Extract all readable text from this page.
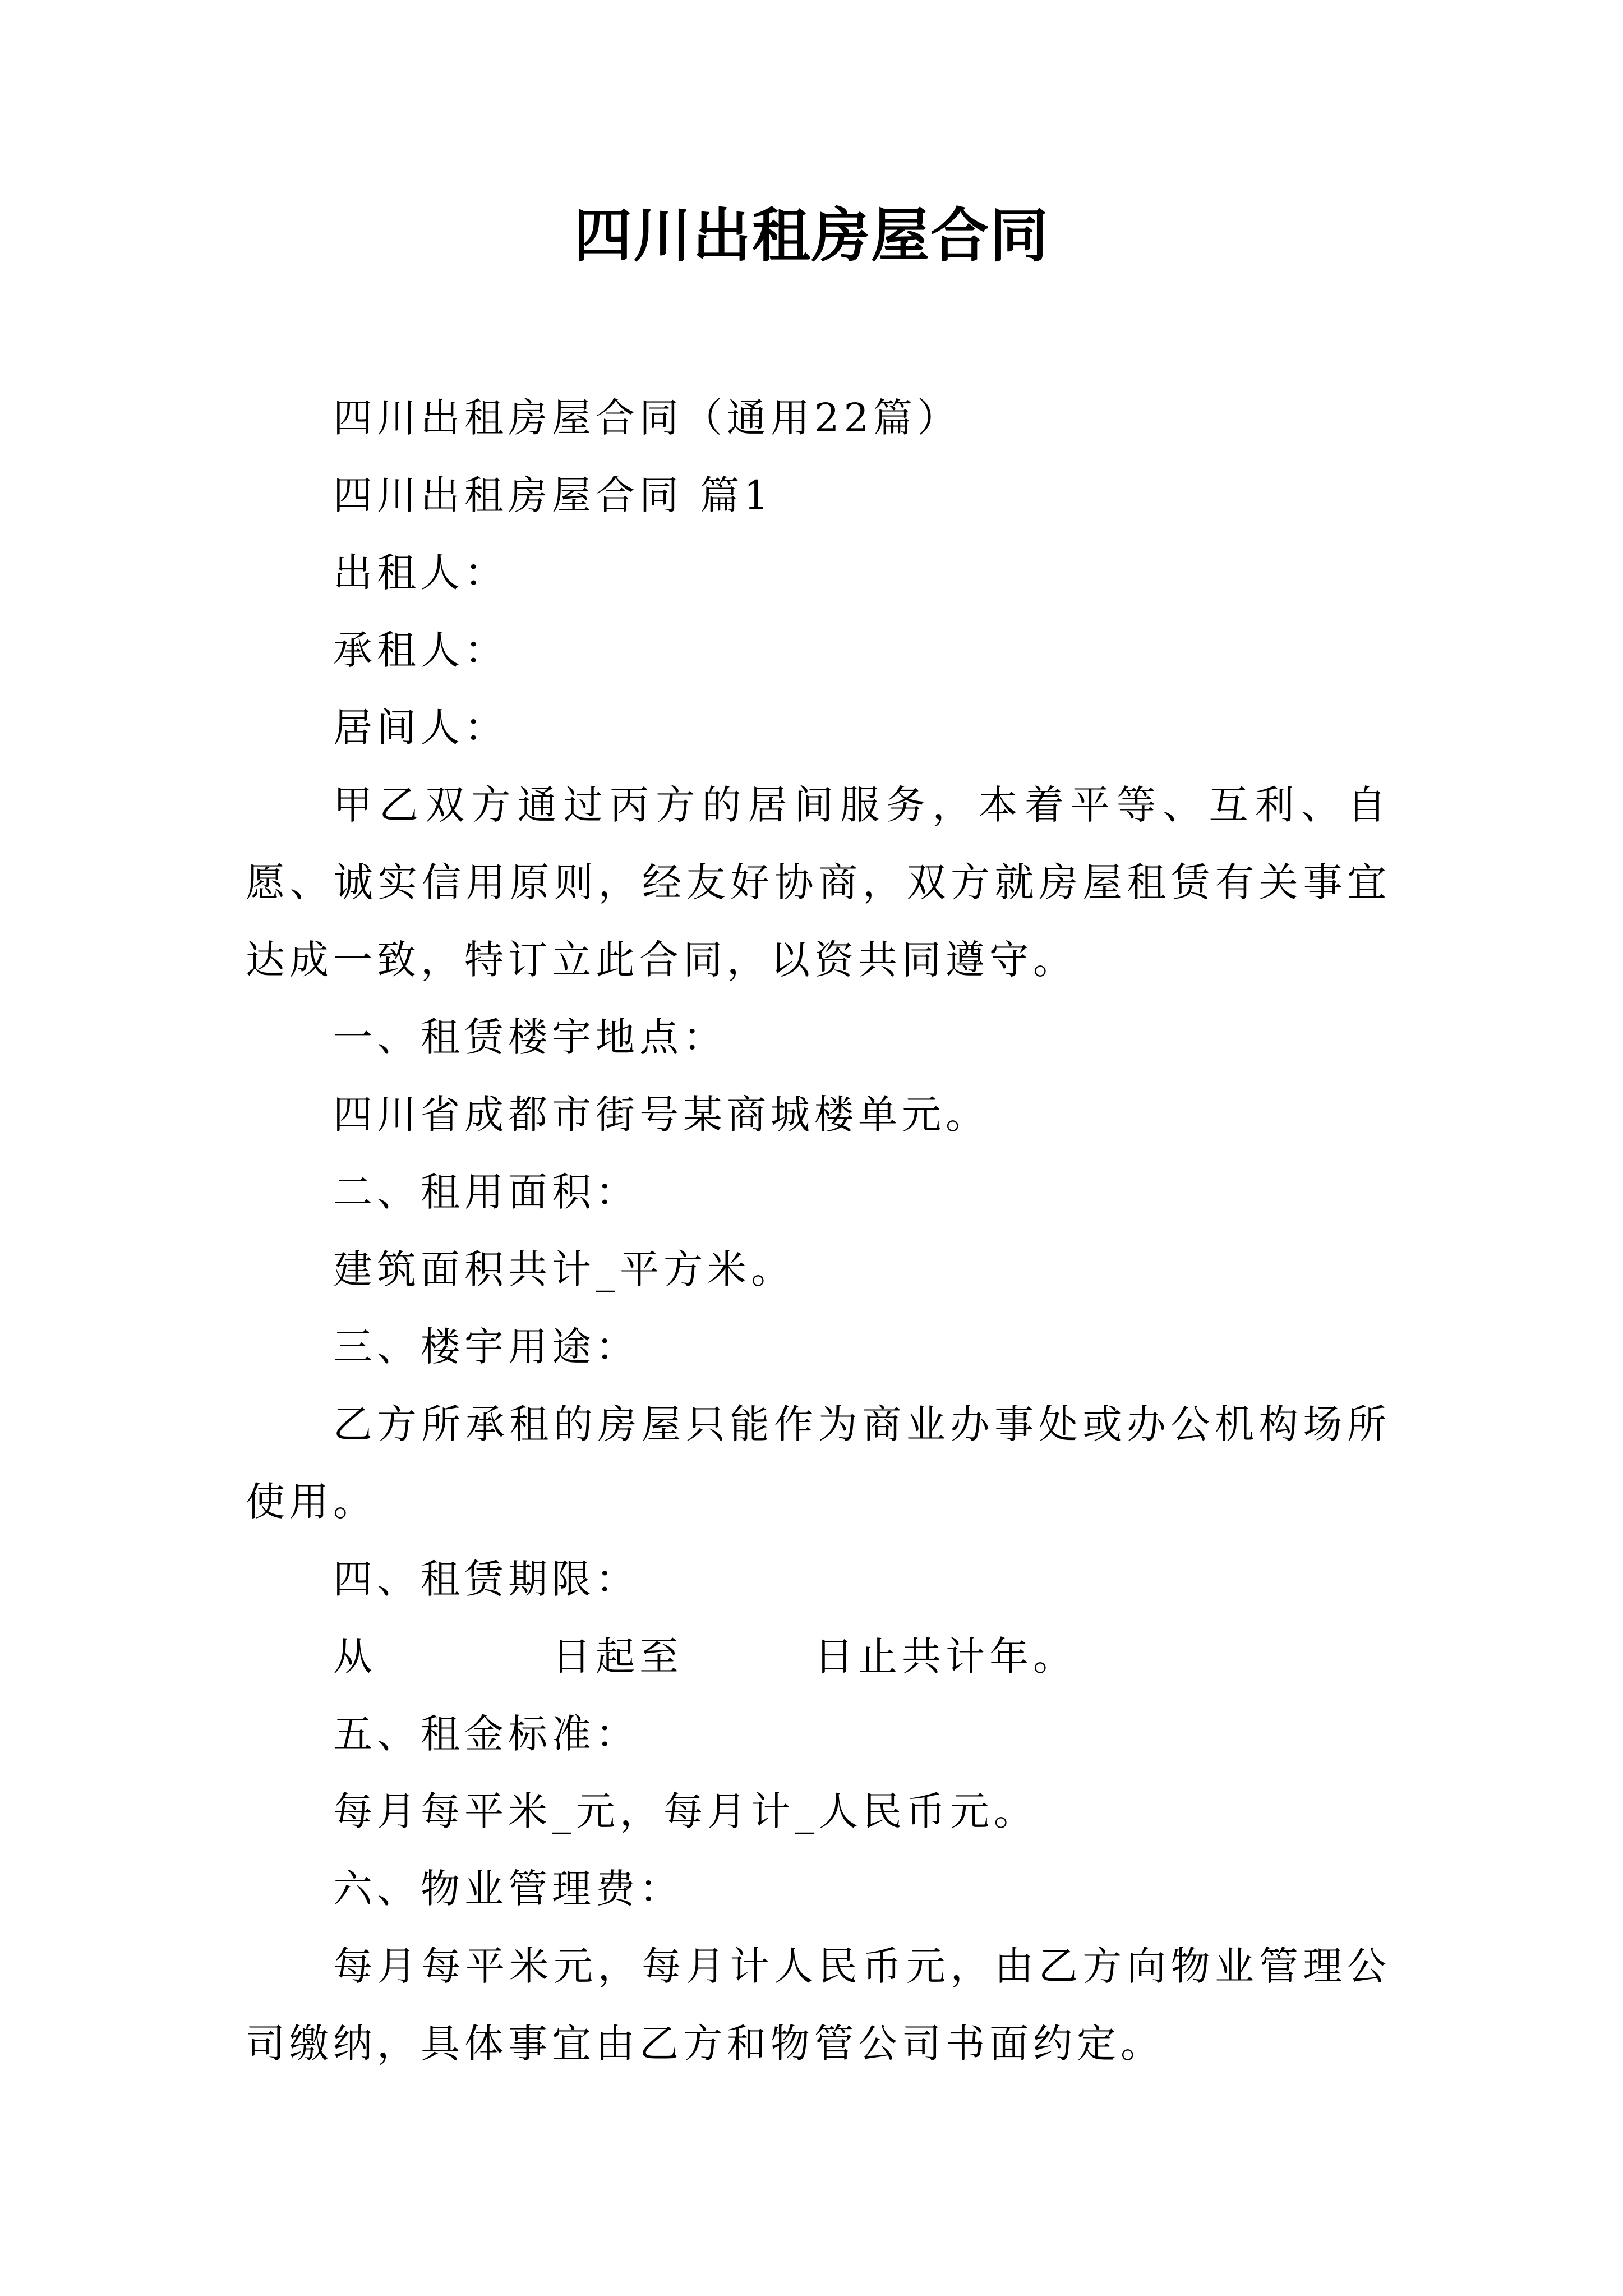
四川出租房屋合同

四川出租房屋合同（通用22篇）

四川出租房屋合同 篇1

出租人：

承租人：

居间人：

甲乙双方通过丙方的居间服务，本着平等、互利、自愿、诚实信用原则，经友好协商，双方就房屋租赁有关事宜达成一致，特订立此合同，以资共同遵守。

一、租赁楼宇地点：

四川省成都市街号某商城楼单元。

二、租用面积：

建筑面积共计_平方米。

三、楼宇用途：

乙方所承租的房屋只能作为商业办事处或办公机构场所使用。

四、租赁期限：

从　　　　日起至　　　日止共计年。

五、租金标准：

每月每平米_元，每月计_人民币元。

六、物业管理费：

每月每平米元，每月计人民币元，由乙方向物业管理公司缴纳，具体事宜由乙方和物管公司书面约定。
